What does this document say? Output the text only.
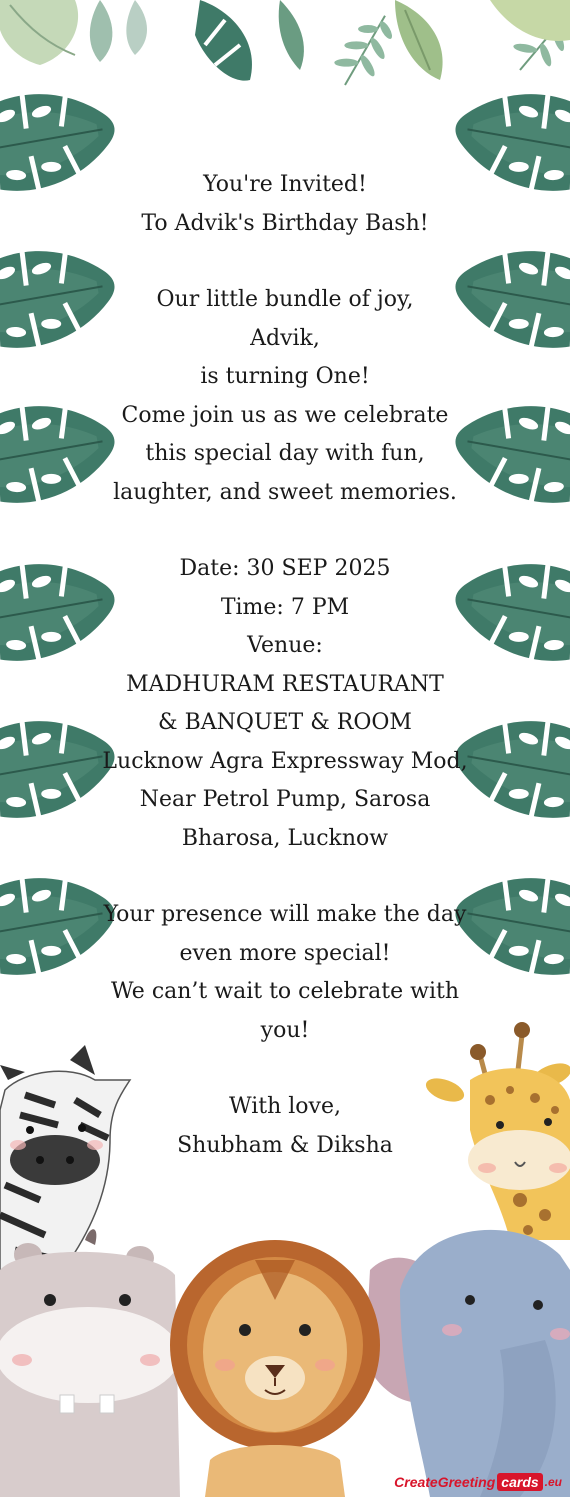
You're Invited!
To Advik's Birthday Bash!
Our little bundle of joy,
Advik,
is turning One!
Come join us as we celebrate
this special day with fun,
laughter, and sweet memories.
Date: 30 SEP 2025
Time: 7 PM
Venue:
MADHURAM RESTAURANT
& BANQUET & ROOM
Lucknow Agra Expressway Mod,
Near Petrol Pump, Sarosa
Bharosa, Lucknow
Your presence will make the day
even more special!
We can’t wait to celebrate with
you!
With love,
Shubham & Diksha
CreateGreeting cards .eu
